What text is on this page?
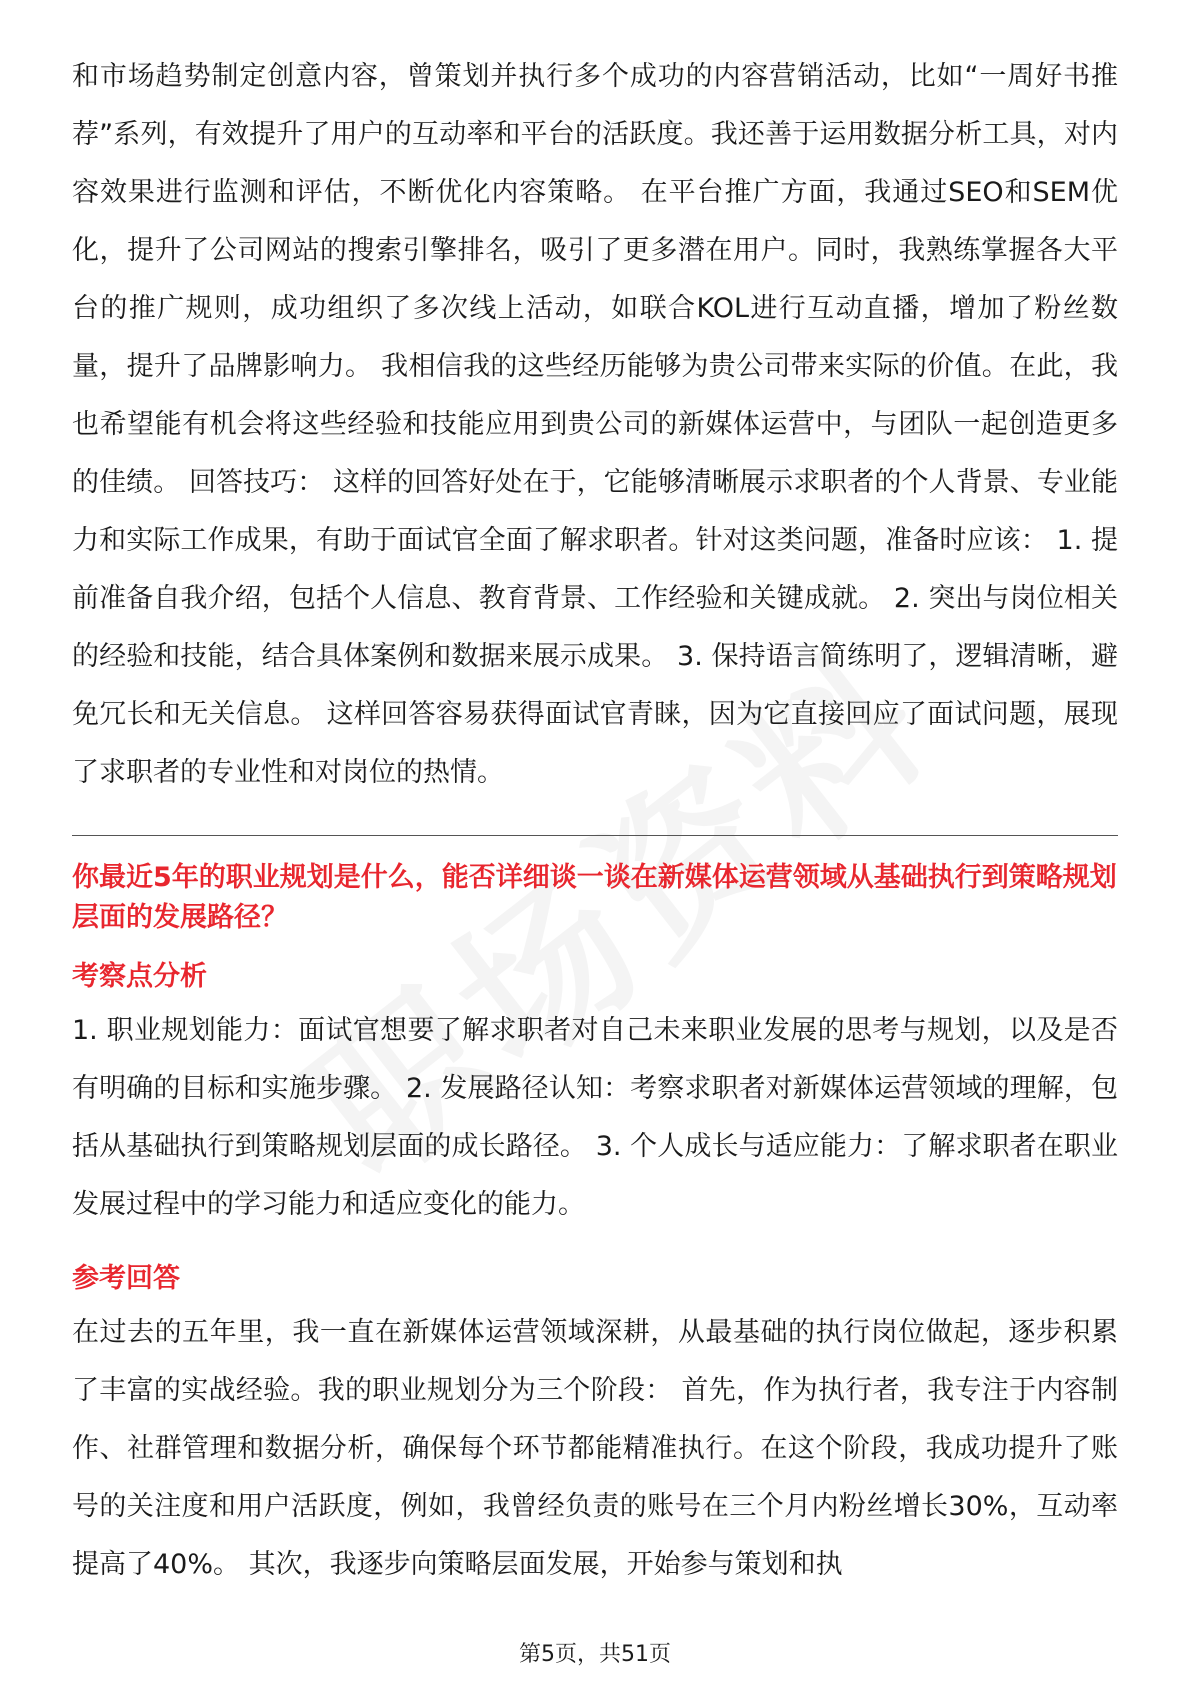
和市场趋势制定创意内容，曾策划并执行多个成功的内容营销活动，比如“一周好书推荐”系列，有效提升了用户的互动率和平台的活跃度。我还善于运用数据分析工具，对内容效果进行监测和评估，不断优化内容策略。 在平台推广方面，我通过SEO和SEM优化，提升了公司网站的搜索引擎排名，吸引了更多潜在用户。同时，我熟练掌握各大平台的推广规则，成功组织了多次线上活动，如联合KOL进行互动直播，增加了粉丝数量，提升了品牌影响力。 我相信我的这些经历能够为贵公司带来实际的价值。在此，我也希望能有机会将这些经验和技能应用到贵公司的新媒体运营中，与团队一起创造更多的佳绩。 回答技巧： 这样的回答好处在于，它能够清晰展示求职者的个人背景、专业能力和实际工作成果，有助于面试官全面了解求职者。针对这类问题，准备时应该： 1. 提前准备自我介绍，包括个人信息、教育背景、工作经验和关键成就。 2. 突出与岗位相关的经验和技能，结合具体案例和数据来展示成果。 3. 保持语言简练明了，逻辑清晰，避免冗长和无关信息。 这样回答容易获得面试官青睐，因为它直接回应了面试问题，展现了求职者的专业性和对岗位的热情。

你最近5年的职业规划是什么，能否详细谈一谈在新媒体运营领域从基础执行到策略规划层面的发展路径？
考察点分析

1. 职业规划能力：面试官想要了解求职者对自己未来职业发展的思考与规划，以及是否有明确的目标和实施步骤。 2. 发展路径认知：考察求职者对新媒体运营领域的理解，包括从基础执行到策略规划层面的成长路径。 3. 个人成长与适应能力：了解求职者在职业发展过程中的学习能力和适应变化的能力。

参考回答

在过去的五年里，我一直在新媒体运营领域深耕，从最基础的执行岗位做起，逐步积累了丰富的实战经验。我的职业规划分为三个阶段： 首先，作为执行者，我专注于内容制作、社群管理和数据分析，确保每个环节都能精准执行。在这个阶段，我成功提升了账号的关注度和用户活跃度，例如，我曾经负责的账号在三个月内粉丝增长30%，互动率提高了40%。 其次，我逐步向策略层面发展，开始参与策划和执

第5页，共51页
